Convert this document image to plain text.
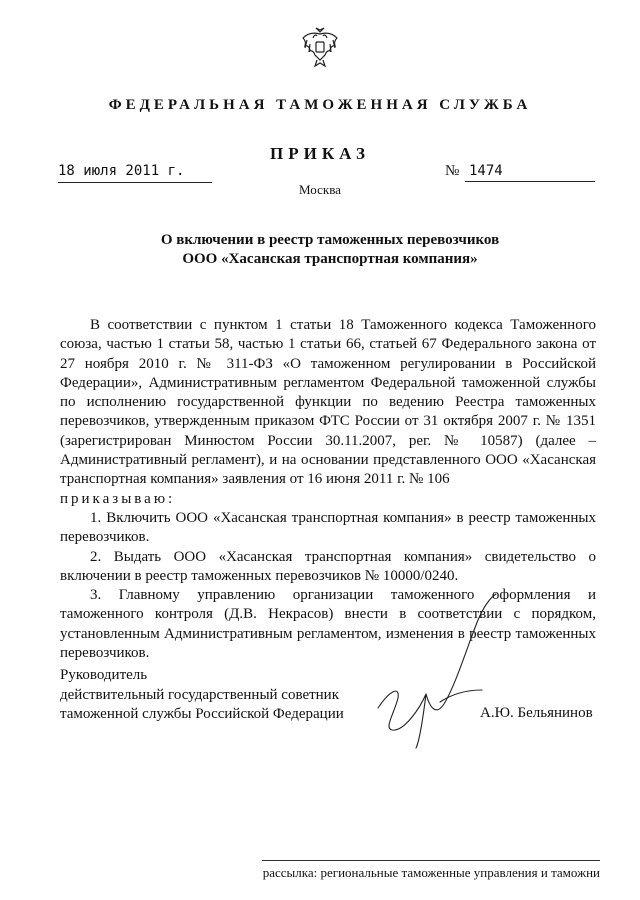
ФЕДЕРАЛЬНАЯ ТАМОЖЕННАЯ СЛУЖБА
ПРИКАЗ
18 июля 2011 г.	№ 1474
Москва
О включении в реестр таможенных перевозчиков
ООО «Хасанская транспортная компания»

В соответствии с пунктом 1 статьи 18 Таможенного кодекса Таможенного союза, частью 1 статьи 58, частью 1 статьи 66, статьей 67 Федерального закона от 27 ноября 2010 г. № 311-ФЗ «О таможенном регулировании в Российской Федерации», Административным регламентом Федеральной таможенной службы по исполнению государственной функции по ведению Реестра таможенных перевозчиков, утвержденным приказом ФТС России от 31 октября 2007 г. № 1351 (зарегистрирован Минюстом России 30.11.2007, рег. № 10587) (далее – Административный регламент), и на основании представленного ООО «Хасанская транспортная компания» заявления от 16 июня 2011 г. № 106

приказываю:

1. Включить ООО «Хасанская транспортная компания» в реестр таможенных перевозчиков.

2. Выдать ООО «Хасанская транспортная компания» свидетельство о включении в реестр таможенных перевозчиков № 10000/0240.

3. Главному управлению организации таможенного оформления и таможенного контроля (Д.В. Некрасов) внести в соответствии с порядком, установленным Административным регламентом, изменения в реестр таможенных перевозчиков.

Руководитель
действительный государственный советник
таможенной службы Российской Федерации	А.Ю. Бельянинов
рассылка: региональные таможенные управления и таможни
